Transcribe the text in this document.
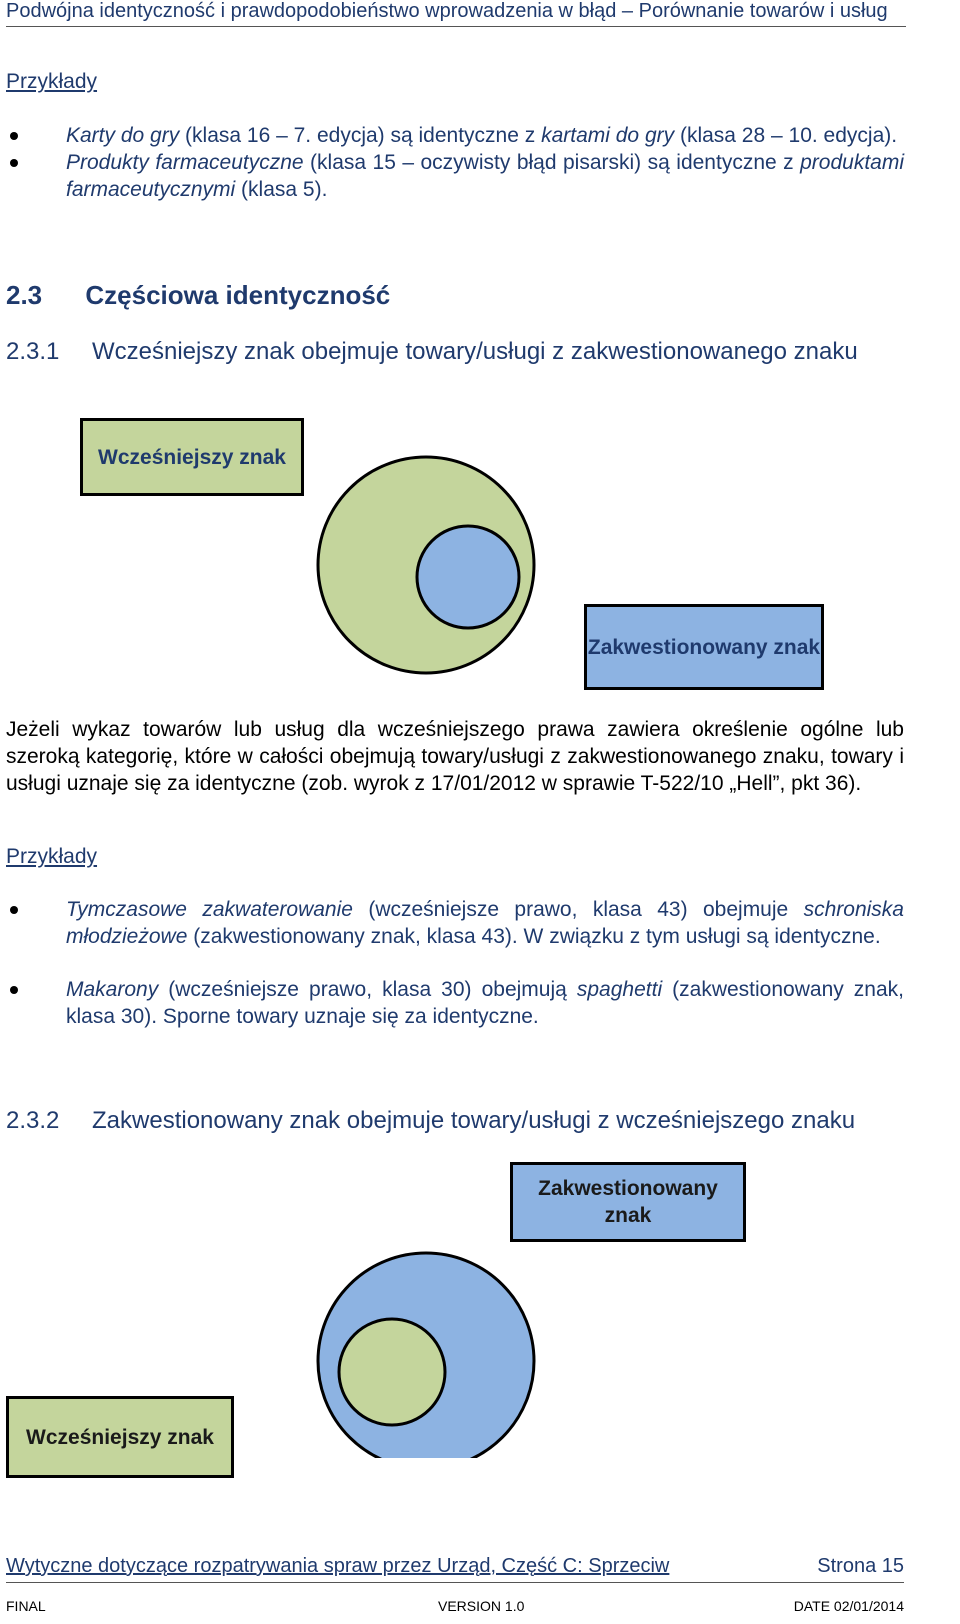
Podwójna identyczność i prawdopodobieństwo wprowadzenia w błąd – Porównanie towarów i usług
Przykłady
Karty do gry (klasa 16 – 7. edycja) są identyczne z kartami do gry (klasa 28 – 10. edycja).
Produkty farmaceutyczne (klasa 15 – oczywisty błąd pisarski) są identyczne z produktami farmaceutycznymi (klasa 5).
2.3 Częściowa identyczność
2.3.1	Wcześniejszy znak obejmuje towary/usługi z zakwestionowanego znaku
Wcześniejszy znak
Zakwestionowany znak
Jeżeli wykaz towarów lub usług dla wcześniejszego prawa zawiera określenie ogólne lub szeroką kategorię, które w całości obejmują towary/usługi z zakwestionowanego znaku, towary i usługi uznaje się za identyczne (zob. wyrok z 17/01/2012 w sprawie T-522/10 „Hell”, pkt 36).
Przykłady
Tymczasowe zakwaterowanie (wcześniejsze prawo, klasa 43) obejmuje schroniska młodzieżowe (zakwestionowany znak, klasa 43). W związku z tym usługi są identyczne.
Makarony (wcześniejsze prawo, klasa 30) obejmują spaghetti (zakwestionowany znak, klasa 30). Sporne towary uznaje się za identyczne.
2.3.2 Zakwestionowany znak obejmuje towary/usługi z wcześniejszego znaku
Zakwestionowany znak
Wcześniejszy znak
Wytyczne dotyczące rozpatrywania spraw przez Urząd, Część C: Sprzeciw	Strona 15
FINAL	VERSION 1.0	DATE 02/01/2014
